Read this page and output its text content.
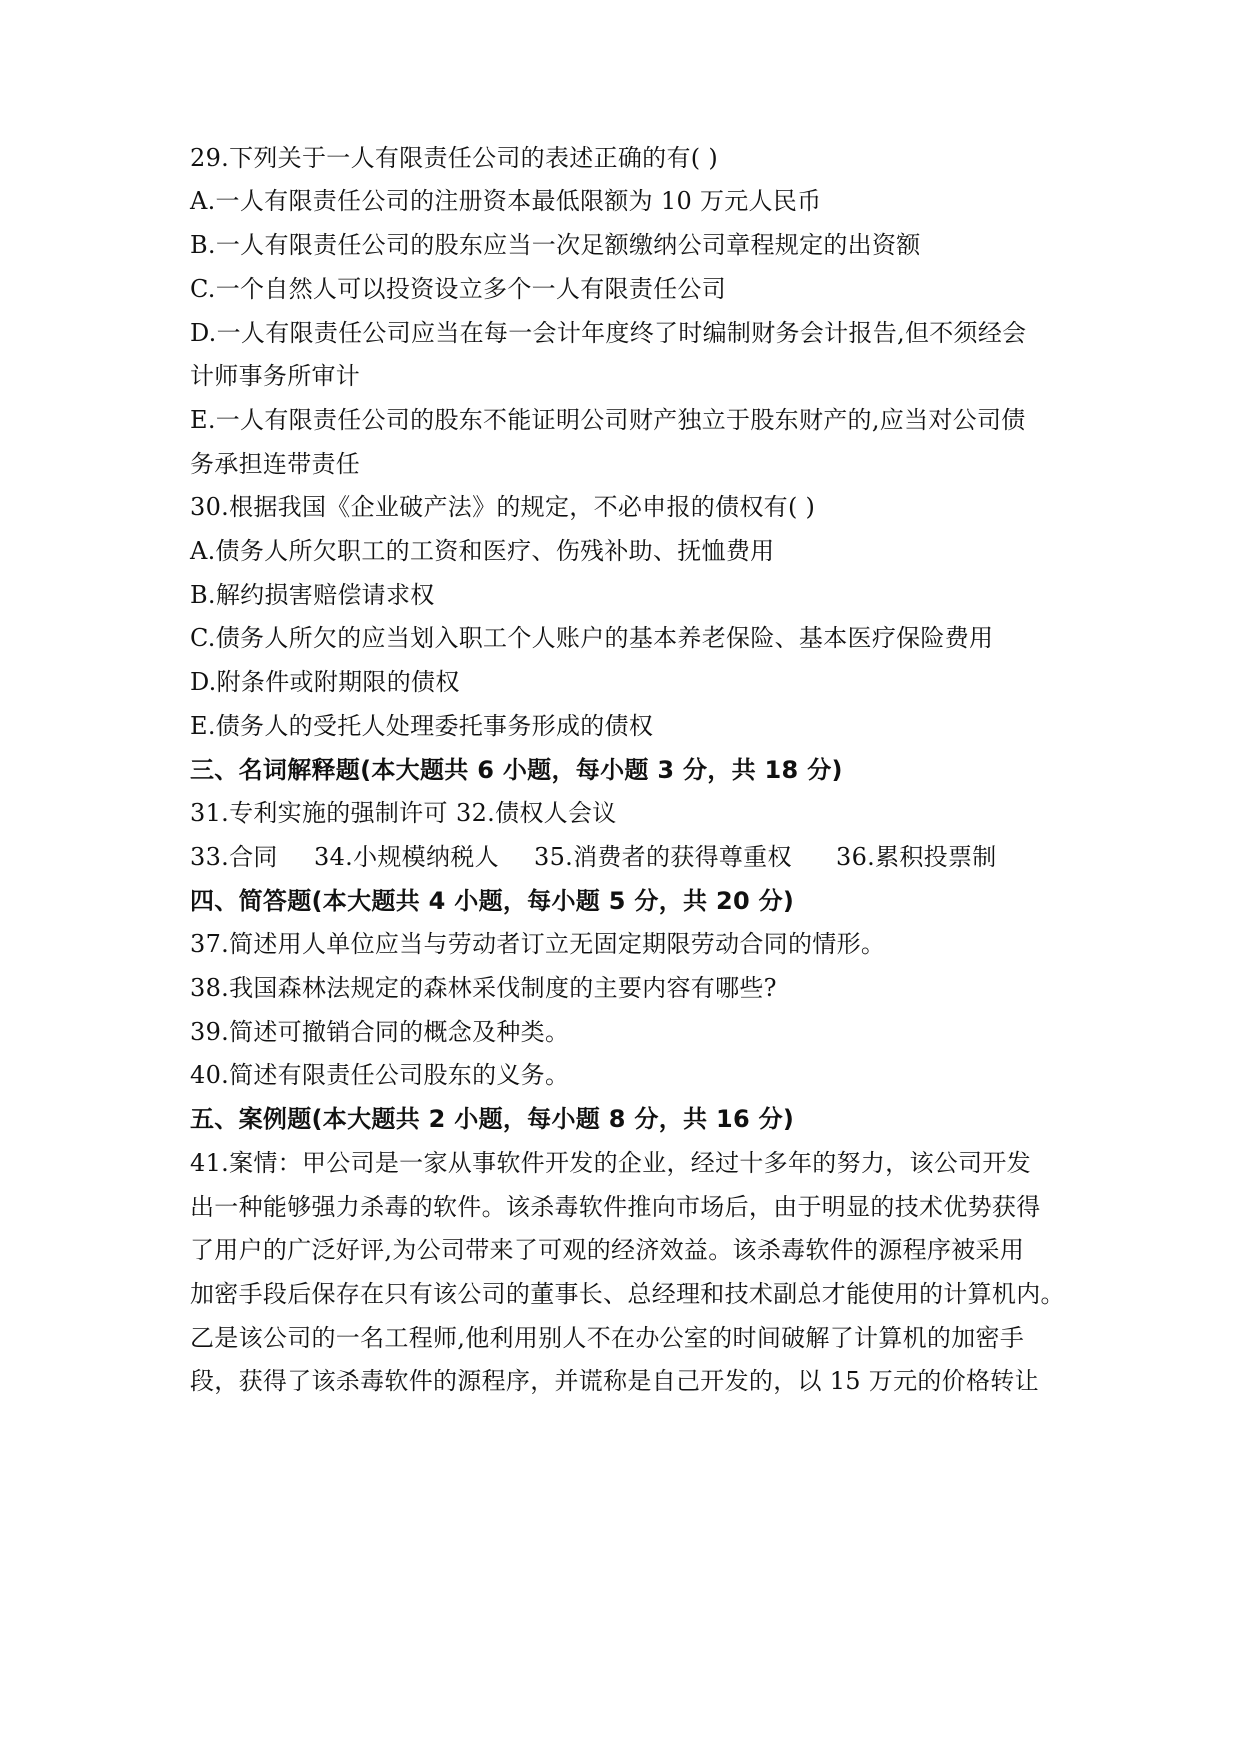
29.下列关于一人有限责任公司的表述正确的有( )
A.一人有限责任公司的注册资本最低限额为 10 万元人民币
B.一人有限责任公司的股东应当一次足额缴纳公司章程规定的出资额
C.一个自然人可以投资设立多个一人有限责任公司
D.一人有限责任公司应当在每一会计年度终了时编制财务会计报告,但不须经会
计师事务所审计
E.一人有限责任公司的股东不能证明公司财产独立于股东财产的,应当对公司债
务承担连带责任
30.根据我国《企业破产法》的规定，不必申报的债权有( )
A.债务人所欠职工的工资和医疗、伤残补助、抚恤费用
B.解约损害赔偿请求权
C.债务人所欠的应当划入职工个人账户的基本养老保险、基本医疗保险费用
D.附条件或附期限的债权
E.债务人的受托人处理委托事务形成的债权
三、名词解释题(本大题共 6 小题，每小题 3 分，共 18 分)
31.专利实施的强制许可 32.债权人会议
33.合同 34.小规模纳税人 35.消费者的获得尊重权 36.累积投票制
四、简答题(本大题共 4 小题，每小题 5 分，共 20 分)
37.简述用人单位应当与劳动者订立无固定期限劳动合同的情形。
38.我国森林法规定的森林采伐制度的主要内容有哪些?
39.简述可撤销合同的概念及种类。
40.简述有限责任公司股东的义务。
五、案例题(本大题共 2 小题，每小题 8 分，共 16 分)
41.案情：甲公司是一家从事软件开发的企业，经过十多年的努力，该公司开发
出一种能够强力杀毒的软件。该杀毒软件推向市场后，由于明显的技术优势获得
了用户的广泛好评,为公司带来了可观的经济效益。该杀毒软件的源程序被采用
加密手段后保存在只有该公司的董事长、总经理和技术副总才能使用的计算机内。
乙是该公司的一名工程师,他利用别人不在办公室的时间破解了计算机的加密手
段，获得了该杀毒软件的源程序，并谎称是自己开发的，以 15 万元的价格转让
